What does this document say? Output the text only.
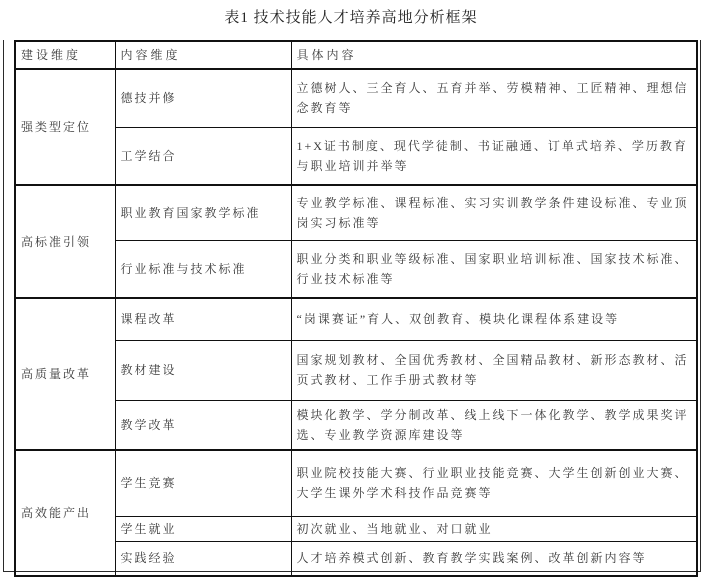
表1 技术技能人才培养高地分析框架
建设维度	内容维度	具体内容
强类型定位	德技并修	立德树人、三全育人、五育并举、劳模精神、工匠精神、理想信念教育等
	工学结合	1+X证书制度、现代学徒制、书证融通、订单式培养、学历教育与职业培训并举等
高标准引领	职业教育国家教学标准	专业教学标准、课程标准、实习实训教学条件建设标准、专业顶岗实习标准等
	行业标准与技术标准	职业分类和职业等级标准、国家职业培训标准、国家技术标准、行业技术标准等
高质量改革	课程改革	“岗课赛证”育人、双创教育、模块化课程体系建设等
	教材建设	国家规划教材、全国优秀教材、全国精品教材、新形态教材、活页式教材、工作手册式教材等
	教学改革	模块化教学、学分制改革、线上线下一体化教学、教学成果奖评选、专业教学资源库建设等
高效能产出	学生竞赛	职业院校技能大赛、行业职业技能竞赛、大学生创新创业大赛、大学生课外学术科技作品竞赛等
	学生就业	初次就业、当地就业、对口就业
	实践经验	人才培养模式创新、教育教学实践案例、改革创新内容等
